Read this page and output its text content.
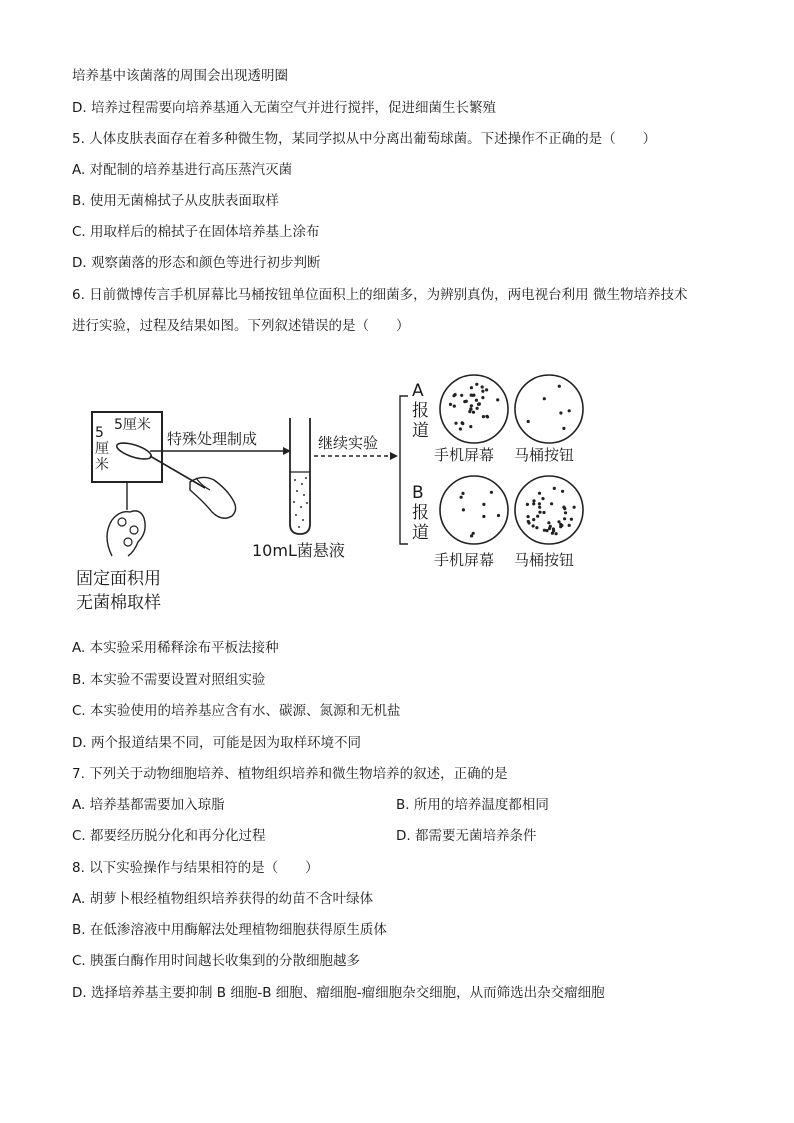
培养基中该菌落的周围会出现透明圈
D. 培养过程需要向培养基通入无菌空气并进行搅拌，促进细菌生长繁殖
5. 人体皮肤表面存在着多种微生物，某同学拟从中分离出葡萄球菌。下述操作不正确的是（　　）
A. 对配制的培养基进行高压蒸汽灭菌
B. 使用无菌棉拭子从皮肤表面取样
C. 用取样后的棉拭子在固体培养基上涂布
D. 观察菌落的形态和颜色等进行初步判断
6. 日前微博传言手机屏幕比马桶按钮单位面积上的细菌多，为辨别真伪，两电视台利用 微生物培养技术
进行实验，过程及结果如图。下列叙述错误的是（　　）
5厘米
5
厘
米
特殊处理制成
10mL菌悬液
继续实验
A
报
道
B
报
道
手机屏幕 马桶按钮
手机屏幕 马桶按钮
固定面积用
无菌棉取样
A. 本实验采用稀释涂布平板法接种
B. 本实验不需要设置对照组实验
C. 本实验使用的培养基应含有水、碳源、氮源和无机盐
D. 两个报道结果不同，可能是因为取样环境不同
7. 下列关于动物细胞培养、植物组织培养和微生物培养的叙述，正确的是
A. 培养基都需要加入琼脂	B. 所用的培养温度都相同
C. 都要经历脱分化和再分化过程	D. 都需要无菌培养条件
8. 以下实验操作与结果相符的是（　　）
A. 胡萝卜根经植物组织培养获得的幼苗不含叶绿体
B. 在低渗溶液中用酶解法处理植物细胞获得原生质体
C. 胰蛋白酶作用时间越长收集到的分散细胞越多
D. 选择培养基主要抑制 B 细胞-B 细胞、瘤细胞-瘤细胞杂交细胞，从而筛选出杂交瘤细胞
